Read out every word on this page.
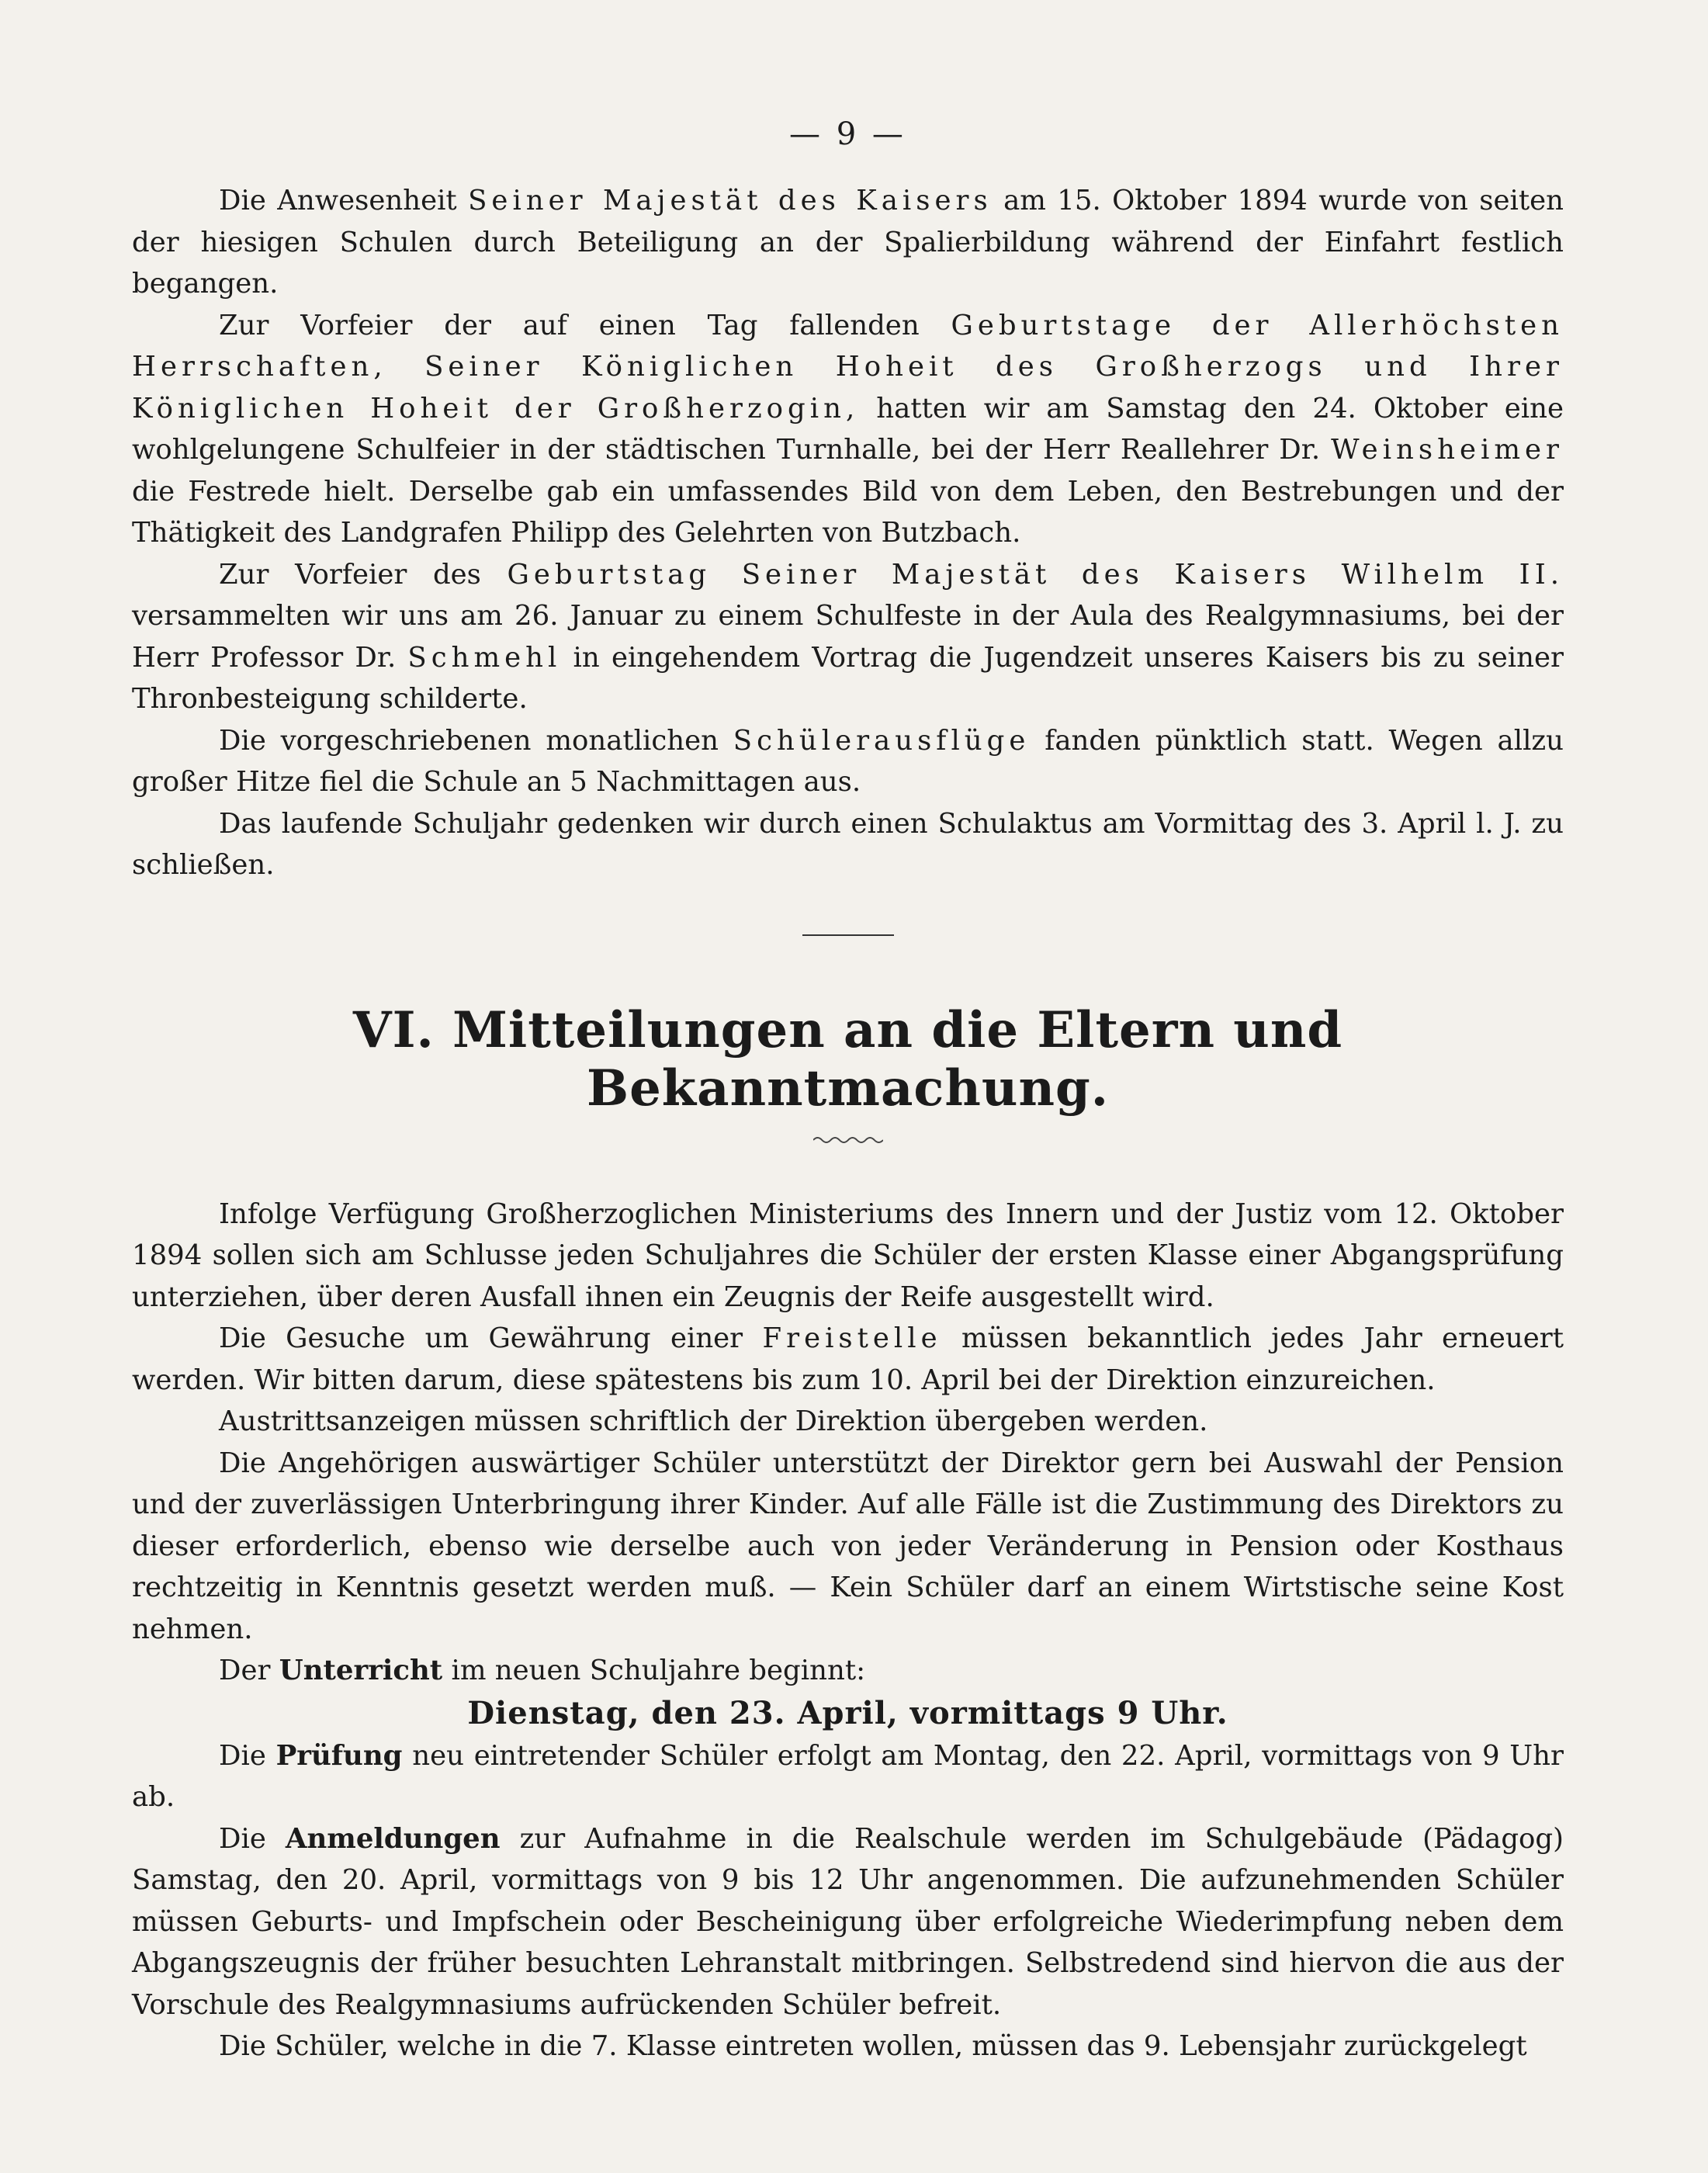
— 9 —

Die Anwesenheit Seiner Majestät des Kaisers am 15. Oktober 1894 wurde von seiten der hiesigen Schulen durch Beteiligung an der Spalierbildung während der Einfahrt festlich begangen.

Zur Vorfeier der auf einen Tag fallenden Geburtstage der Allerhöchsten Herrschaften, Seiner Königlichen Hoheit des Großherzogs und Ihrer Königlichen Hoheit der Großherzogin, hatten wir am Samstag den 24. Oktober eine wohlgelungene Schulfeier in der städtischen Turnhalle, bei der Herr Reallehrer Dr. Weinsheimer die Festrede hielt. Derselbe gab ein umfassendes Bild von dem Leben, den Bestrebungen und der Thätigkeit des Landgrafen Philipp des Gelehrten von Butzbach.

Zur Vorfeier des Geburtstag Seiner Majestät des Kaisers Wilhelm II. versammelten wir uns am 26. Januar zu einem Schulfeste in der Aula des Realgymnasiums, bei der Herr Professor Dr. Schmehl in eingehendem Vortrag die Jugendzeit unseres Kaisers bis zu seiner Thronbesteigung schilderte.

Die vorgeschriebenen monatlichen Schülerausflüge fanden pünktlich statt. Wegen allzu großer Hitze fiel die Schule an 5 Nachmittagen aus.

Das laufende Schuljahr gedenken wir durch einen Schulaktus am Vormittag des 3. April l. J. zu schließen.

VI. Mitteilungen an die Eltern und Bekanntmachung.

Infolge Verfügung Großherzoglichen Ministeriums des Innern und der Justiz vom 12. Oktober 1894 sollen sich am Schlusse jeden Schuljahres die Schüler der ersten Klasse einer Abgangsprüfung unterziehen, über deren Ausfall ihnen ein Zeugnis der Reife ausgestellt wird.

Die Gesuche um Gewährung einer Freistelle müssen bekanntlich jedes Jahr erneuert werden. Wir bitten darum, diese spätestens bis zum 10. April bei der Direktion einzureichen.

Austrittsanzeigen müssen schriftlich der Direktion übergeben werden.

Die Angehörigen auswärtiger Schüler unterstützt der Direktor gern bei Auswahl der Pension und der zuverlässigen Unterbringung ihrer Kinder. Auf alle Fälle ist die Zustimmung des Direktors zu dieser erforderlich, ebenso wie derselbe auch von jeder Veränderung in Pension oder Kosthaus rechtzeitig in Kenntnis gesetzt werden muß. — Kein Schüler darf an einem Wirtstische seine Kost nehmen.

Der Unterricht im neuen Schuljahre beginnt:

Dienstag, den 23. April, vormittags 9 Uhr.

Die Prüfung neu eintretender Schüler erfolgt am Montag, den 22. April, vormittags von 9 Uhr ab.

Die Anmeldungen zur Aufnahme in die Realschule werden im Schulgebäude (Pädagog) Samstag, den 20. April, vormittags von 9 bis 12 Uhr angenommen. Die aufzunehmenden Schüler müssen Geburts- und Impfschein oder Bescheinigung über erfolgreiche Wiederimpfung neben dem Abgangszeugnis der früher besuchten Lehranstalt mitbringen. Selbstredend sind hiervon die aus der Vorschule des Realgymnasiums aufrückenden Schüler befreit.

Die Schüler, welche in die 7. Klasse eintreten wollen, müssen das 9. Lebensjahr zurückgelegt
